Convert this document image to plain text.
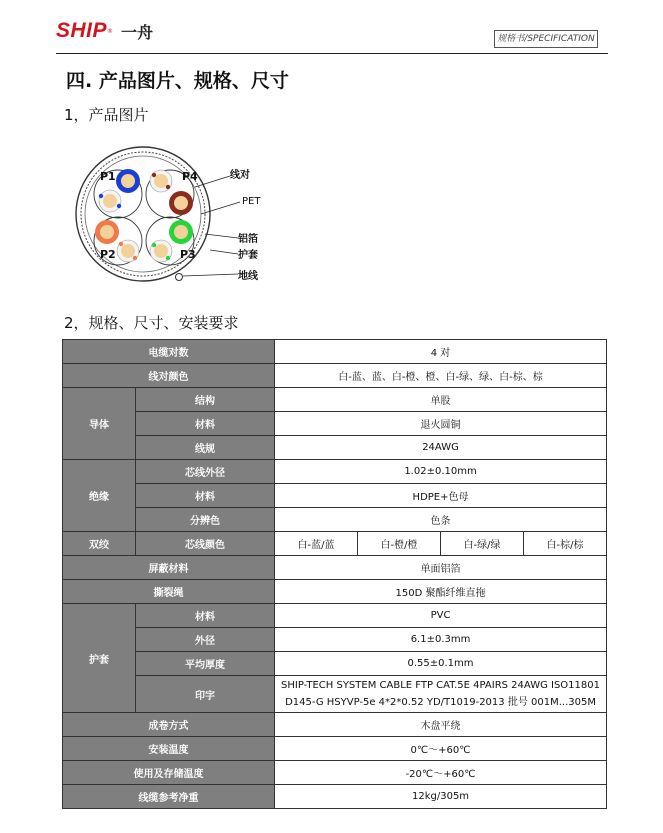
SHIP ® 一舟	规格书/SPECIFICATION
四. 产品图片、规格、尺寸
1，产品图片
P1	P4
P2	P3
线对
PET
铝箔
护套
地线
2，规格、尺寸、安装要求
电缆对数		4 对			
线对颜色		白-蓝、蓝、白-橙、橙、白-绿、绿、白-棕、棕			
导体	结构	单股			
	材料	退火圆铜			
	线规	24AWG			
绝缘	芯线外径	1.02±0.10mm			
	材料	HDPE+色母			
	分辨色	色条			
双绞	芯线颜色	白-蓝/蓝	白-橙/橙	白-绿/绿	白-棕/棕
屏蔽材料		单面铝箔			
撕裂绳		150D 聚酯纤维直拖			
护套	材料	PVC			
	外径	6.1±0.3mm			
	平均厚度	0.55±0.1mm			
	印字	SHIP-TECH SYSTEM CABLE FTP CAT.5E 4PAIRS 24AWG ISO11801
D145-G HSYVP-5e 4*2*0.52 YD/T1019-2013 批号 001M...305M			

成卷方式		木盘平绕			
安装温度		0℃～+60℃			
使用及存储温度		-20℃～+60℃			
线缆参考净重		12kg/305m			
